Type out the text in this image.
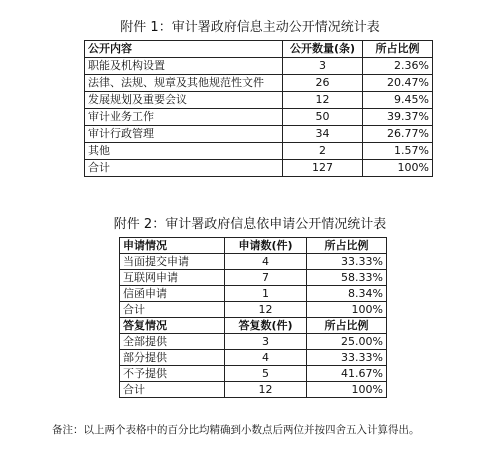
附件 1：审计署政府信息主动公开情况统计表
公开内容	公开数量(条)	所占比例
职能及机构设置	3	2.36%
法律、法规、规章及其他规范性文件	26	20.47%
发展规划及重要会议	12	9.45%
审计业务工作	50	39.37%
审计行政管理	34	26.77%
其他	2	1.57%
合计	127	100%
附件 2：审计署政府信息依申请公开情况统计表
申请情况	申请数(件)	所占比例
当面提交申请	4	33.33%
互联网申请	7	58.33%
信函申请	1	8.34%
合计	12	100%
答复情况	答复数(件)	所占比例
全部提供	3	25.00%
部分提供	4	33.33%
不予提供	5	41.67%
合计	12	100%
备注：以上两个表格中的百分比均精确到小数点后两位并按四舍五入计算得出。
